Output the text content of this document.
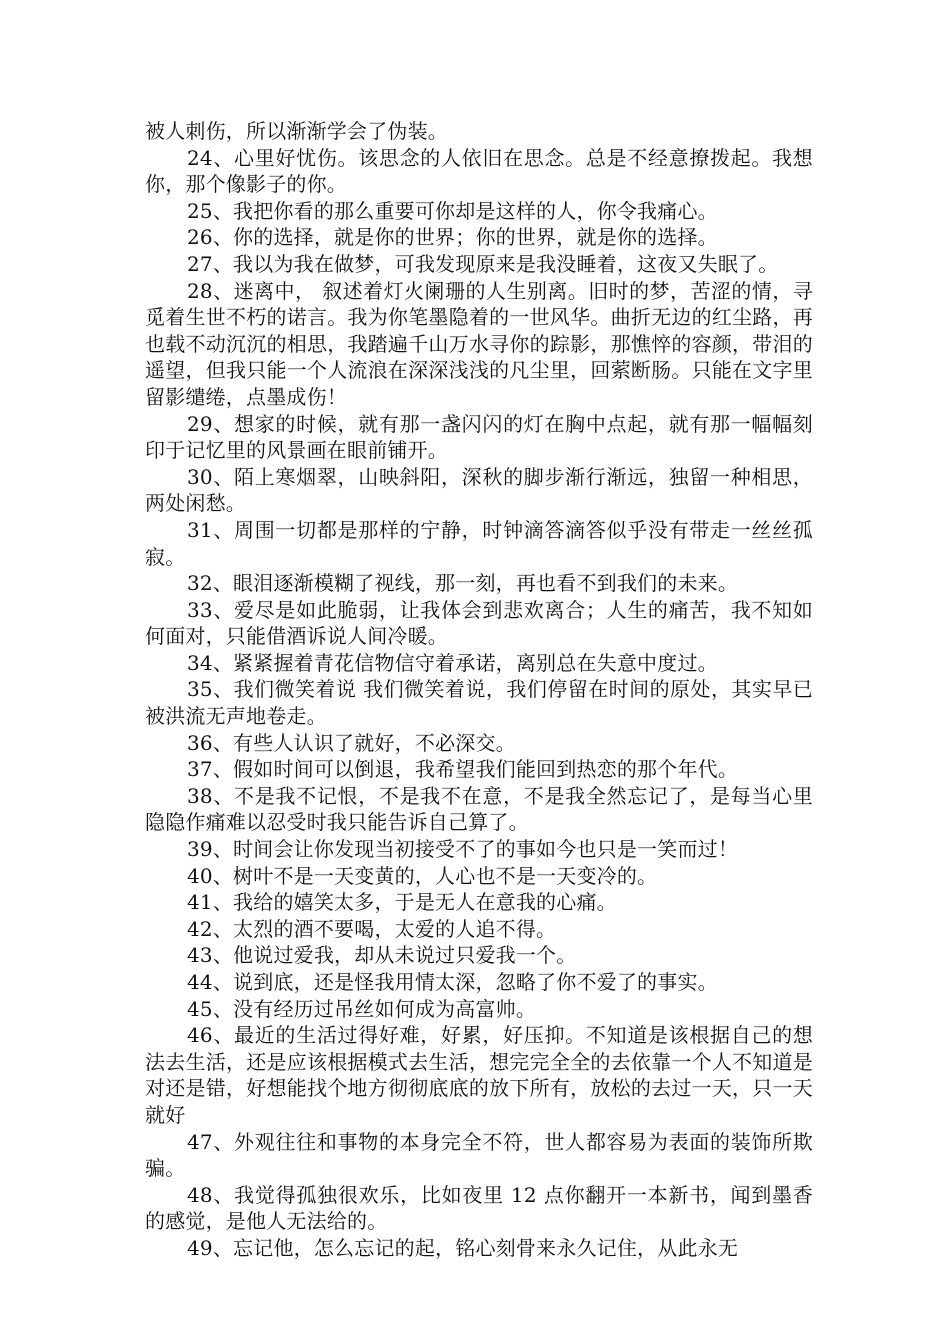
被人刺伤，所以渐渐学会了伪装。

24、心里好忧伤。该思念的人依旧在思念。总是不经意撩拨起。我想你，那个像影子的你。

25、我把你看的那么重要可你却是这样的人，你令我痛心。

26、你的选择，就是你的世界；你的世界，就是你的选择。

27、我以为我在做梦，可我发现原来是我没睡着，这夜又失眠了。

28、迷离中， 叙述着灯火阑珊的人生别离。旧时的梦，苦涩的情，寻觅着生世不朽的诺言。我为你笔墨隐着的一世风华。曲折无边的红尘路，再也载不动沉沉的相思，我踏遍千山万水寻你的踪影，那憔悴的容颜，带泪的遥望，但我只能一个人流浪在深深浅浅的凡尘里，回萦断肠。只能在文字里留影缱绻，点墨成伤！

29、想家的时候，就有那一盏闪闪的灯在胸中点起，就有那一幅幅刻印于记忆里的风景画在眼前铺开。

30、陌上寒烟翠，山映斜阳，深秋的脚步渐行渐远，独留一种相思，两处闲愁。

31、周围一切都是那样的宁静，时钟滴答滴答似乎没有带走一丝丝孤寂。

32、眼泪逐渐模糊了视线，那一刻，再也看不到我们的未来。

33、爱尽是如此脆弱，让我体会到悲欢离合；人生的痛苦，我不知如何面对，只能借酒诉说人间冷暖。

34、紧紧握着青花信物信守着承诺，离别总在失意中度过。

35、我们微笑着说 我们微笑着说，我们停留在时间的原处，其实早已被洪流无声地卷走。

36、有些人认识了就好，不必深交。

37、假如时间可以倒退，我希望我们能回到热恋的那个年代。

38、不是我不记恨，不是我不在意，不是我全然忘记了，是每当心里隐隐作痛难以忍受时我只能告诉自己算了。

39、时间会让你发现当初接受不了的事如今也只是一笑而过！

40、树叶不是一天变黄的，人心也不是一天变冷的。

41、我给的嬉笑太多，于是无人在意我的心痛。

42、太烈的酒不要喝，太爱的人追不得。

43、他说过爱我，却从未说过只爱我一个。

44、说到底，还是怪我用情太深，忽略了你不爱了的事实。

45、没有经历过吊丝如何成为高富帅。

46、最近的生活过得好难，好累，好压抑。不知道是该根据自己的想法去生活，还是应该根据模式去生活，想完完全全的去依靠一个人不知道是对还是错，好想能找个地方彻彻底底的放下所有，放松的去过一天，只一天就好

47、外观往往和事物的本身完全不符，世人都容易为表面的装饰所欺骗。

48、我觉得孤独很欢乐，比如夜里 12 点你翻开一本新书，闻到墨香的感觉，是他人无法给的。

49、忘记他，怎么忘记的起，铭心刻骨来永久记住，从此永无
